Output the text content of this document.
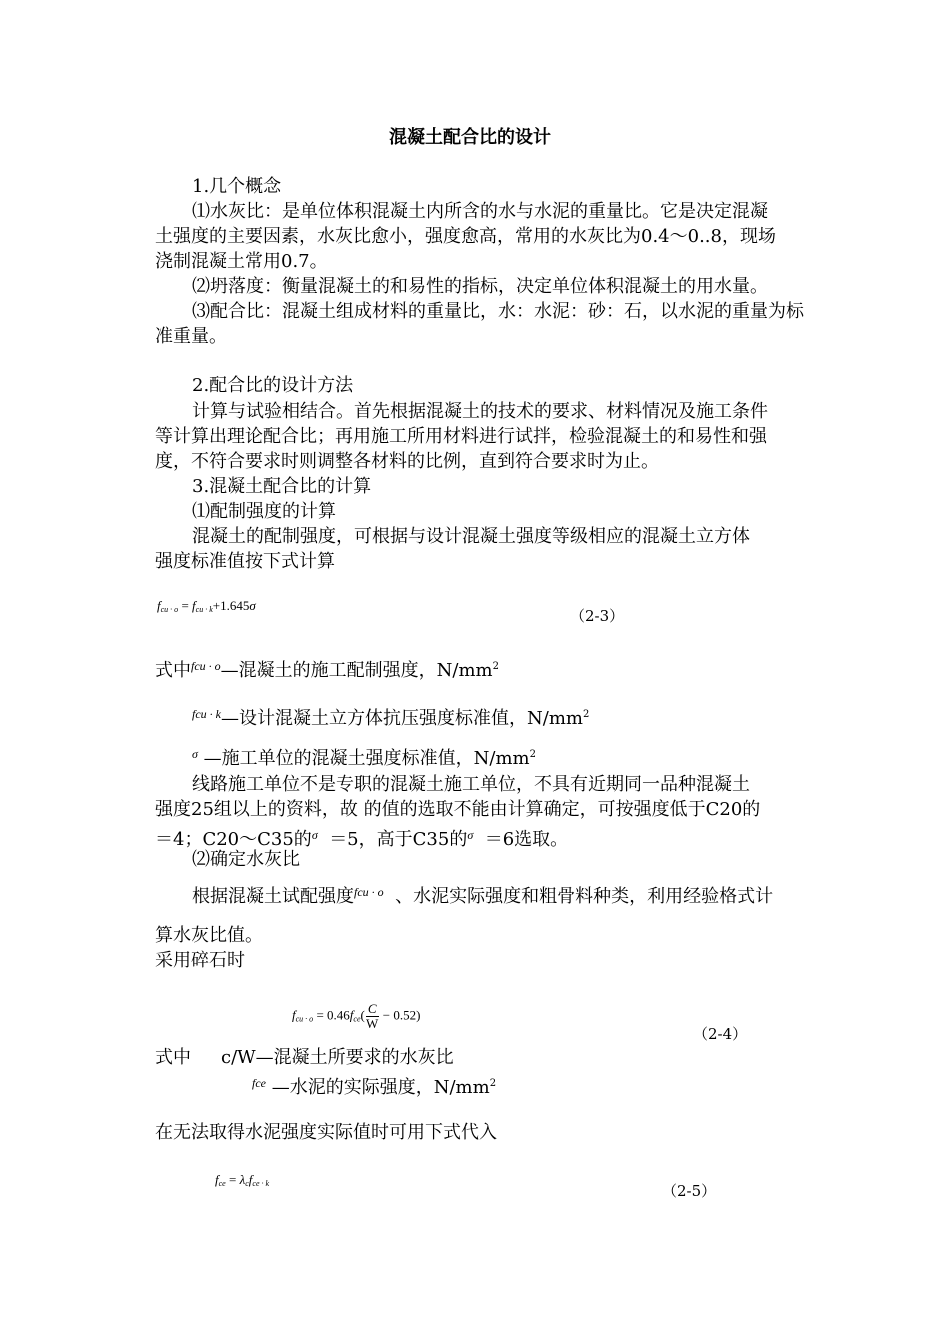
混凝土配合比的设计
1.几个概念
⑴水灰比：是单位体积混凝土内所含的水与水泥的重量比。它是决定混凝
土强度的主要因素，水灰比愈小，强度愈高，常用的水灰比为0.4～0..8，现场
浇制混凝土常用0.7。
⑵坍落度：衡量混凝土的和易性的指标，决定单位体积混凝土的用水量。
⑶配合比：混凝土组成材料的重量比，水：水泥：砂：石，以水泥的重量为标
准重量。
2.配合比的设计方法
计算与试验相结合。首先根据混凝土的技术的要求、材料情况及施工条件
等计算出理论配合比；再用施工所用材料进行试拌，检验混凝土的和易性和强
度，不符合要求时则调整各材料的比例，直到符合要求时为止。
3.混凝土配合比的计算
⑴配制强度的计算
混凝土的配制强度，可根据与设计混凝土强度等级相应的混凝土立方体
强度标准值按下式计算
$f_{cu \cdot o} = f_{cu \cdot k}+1.645\sigma$
（2-3）
式中$^{fcu \cdot o}$—混凝土的施工配制强度，$N/mm^2$
$^{fcu \cdot k}$—设计混凝土立方体抗压强度标准值，$N/mm^2$
$^\sigma$ —施工单位的混凝土强度标准值，$N/mm^2$
线路施工单位不是专职的混凝土施工单位，不具有近期同一品种混凝土
强度25组以上的资料，故 的值的选取不能由计算确定，可按强度低于C20的
＝4；C20～C35的$^\sigma$ ＝5，高于C35的$^\sigma$ ＝6选取。
⑵确定水灰比
根据混凝土试配强度$^{fcu \cdot o}$ 、水泥实际强度和粗骨料种类，利用经验格式计
算水灰比值。
采用碎石时
$f_{cu \cdot o} = 0.46f_{ce}( \frac{C}{W} - 0.52)$
（2-4）
式中 c/W—混凝土所要求的水灰比
$^{fce}$ —水泥的实际强度，$N/mm^2$
在无法取得水泥强度实际值时可用下式代入
$f_{ce} = \lambda_cf_{ce \cdot k}$	（2-5）
